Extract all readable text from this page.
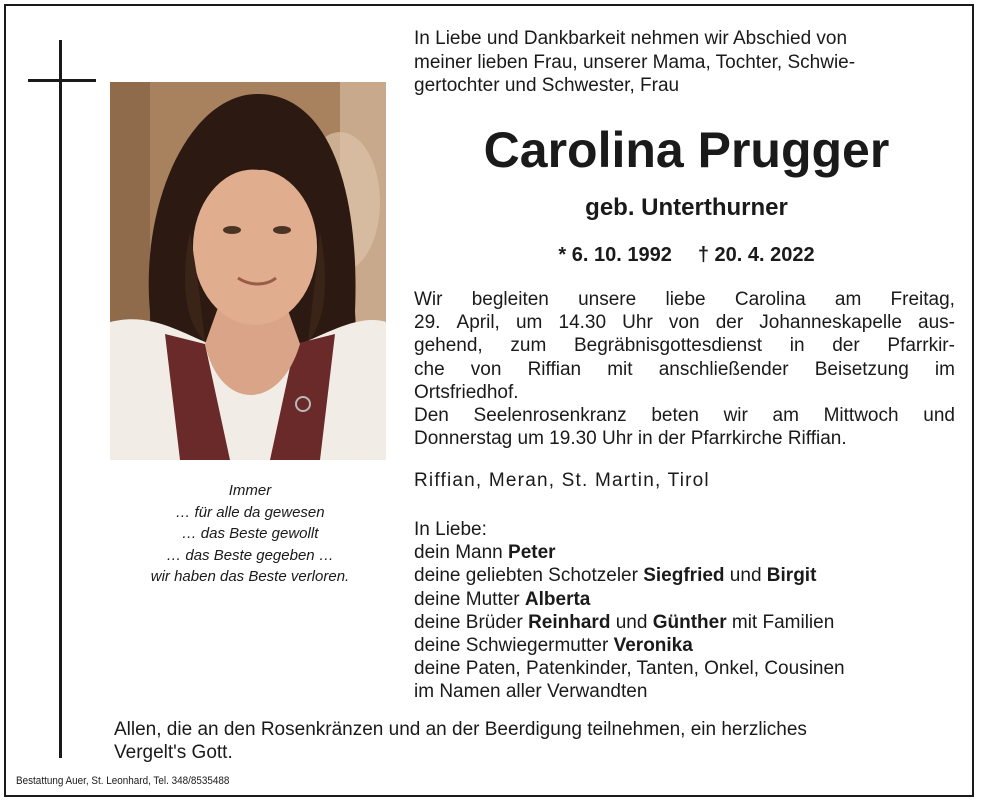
Immer
… für alle da gewesen
… das Beste gewollt
… das Beste gegeben …
wir haben das Beste verloren.
In Liebe und Dankbarkeit nehmen wir Abschied von
meiner lieben Frau, unserer Mama, Tochter, Schwie-
gertochter und Schwester, Frau
Carolina Prugger
geb. Unterthurner
* 6. 10. 1992 † 20. 4. 2022
Wir begleiten unsere liebe Carolina am Freitag,
29. April, um 14.30 Uhr von der Johanneskapelle aus-
gehend, zum Begräbnisgottesdienst in der Pfarrkir-
che von Riffian mit anschließender Beisetzung im
Ortsfriedhof.
Den Seelenrosenkranz beten wir am Mittwoch und
Donnerstag um 19.30 Uhr in der Pfarrkirche Riffian.
Riffian, Meran, St. Martin, Tirol
In Liebe:
dein Mann Peter
deine geliebten Schotzeler Siegfried und Birgit
deine Mutter Alberta
deine Brüder Reinhard und Günther mit Familien
deine Schwiegermutter Veronika
deine Paten, Patenkinder, Tanten, Onkel, Cousinen
im Namen aller Verwandten
Allen, die an den Rosenkränzen und an der Beerdigung teilnehmen, ein herzliches
Vergelt's Gott.
Bestattung Auer, St. Leonhard, Tel. 348/8535488
